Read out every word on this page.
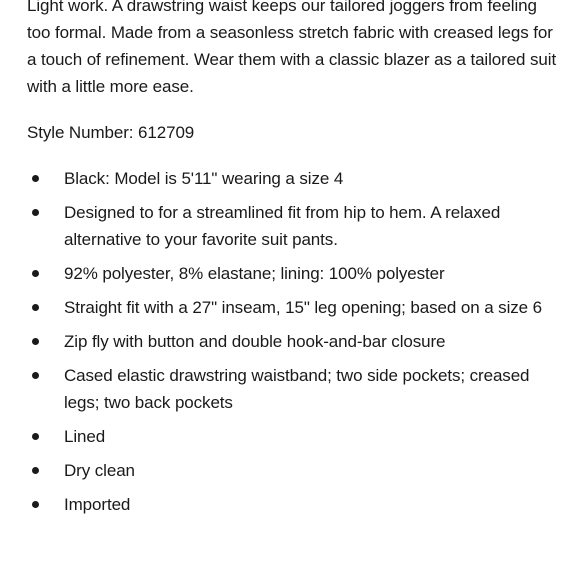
Light work. A drawstring waist keeps our tailored joggers from feeling too formal. Made from a seasonless stretch fabric with creased legs for a touch of refinement. Wear them with a classic blazer as a tailored suit with a little more ease.

Style Number: 612709

Black: Model is 5'11" wearing a size 4
Designed to for a streamlined fit from hip to hem. A relaxed alternative to your favorite suit pants.
92% polyester, 8% elastane; lining: 100% polyester
Straight fit with a 27" inseam, 15" leg opening; based on a size 6
Zip fly with button and double hook-and-bar closure
Cased elastic drawstring waistband; two side pockets; creased legs; two back pockets
Lined
Dry clean
Imported
